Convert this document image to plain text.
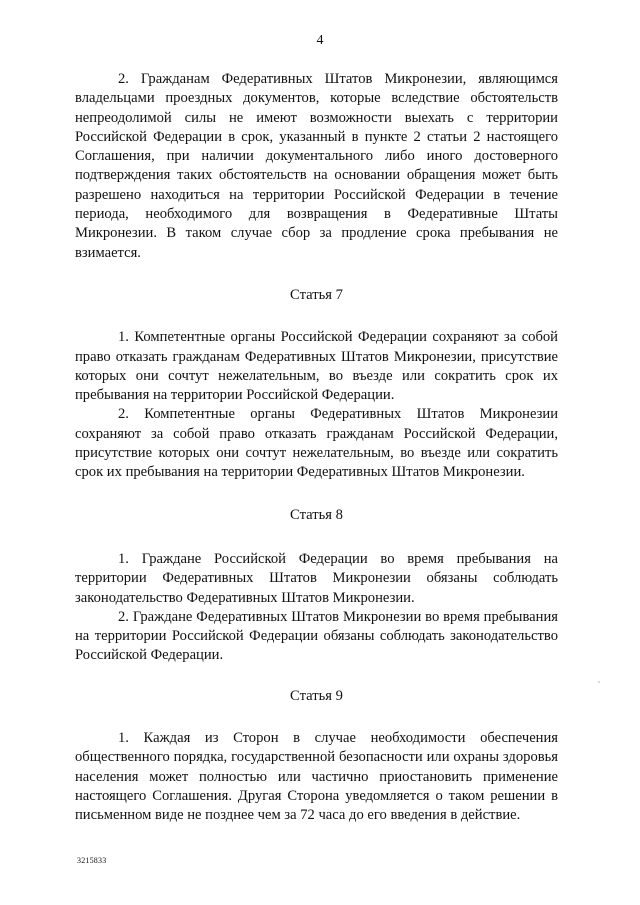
4

2. Гражданам Федеративных Штатов Микронезии, являющимся владельцами проездных документов, которые вследствие обстоятельств непреодолимой силы не имеют возможности выехать с территории Российской Федерации в срок, указанный в пункте 2 статьи 2 настоящего Соглашения, при наличии документального либо иного достоверного подтверждения таких обстоятельств на основании обращения может быть разрешено находиться на территории Российской Федерации в течение периода, необходимого для возвращения в Федеративные Штаты Микронезии. В таком случае сбор за продление срока пребывания не взимается.

Статья 7

1. Компетентные органы Российской Федерации сохраняют за собой право отказать гражданам Федеративных Штатов Микронезии, присутствие которых они сочтут нежелательным, во въезде или сократить срок их пребывания на территории Российской Федерации.

2. Компетентные органы Федеративных Штатов Микронезии сохраняют за собой право отказать гражданам Российской Федерации, присутствие которых они сочтут нежелательным, во въезде или сократить срок их пребывания на территории Федеративных Штатов Микронезии.

Статья 8

1. Граждане Российской Федерации во время пребывания на территории Федеративных Штатов Микронезии обязаны соблюдать законодательство Федеративных Штатов Микронезии.

2. Граждане Федеративных Штатов Микронезии во время пребывания на территории Российской Федерации обязаны соблюдать законодательство Российской Федерации.

Статья 9

1. Каждая из Сторон в случае необходимости обеспечения общественного порядка, государственной безопасности или охраны здоровья населения может полностью или частично приостановить применение настоящего Соглашения. Другая Сторона уведомляется о таком решении в письменном виде не позднее чем за 72 часа до его введения в действие.

3215833
